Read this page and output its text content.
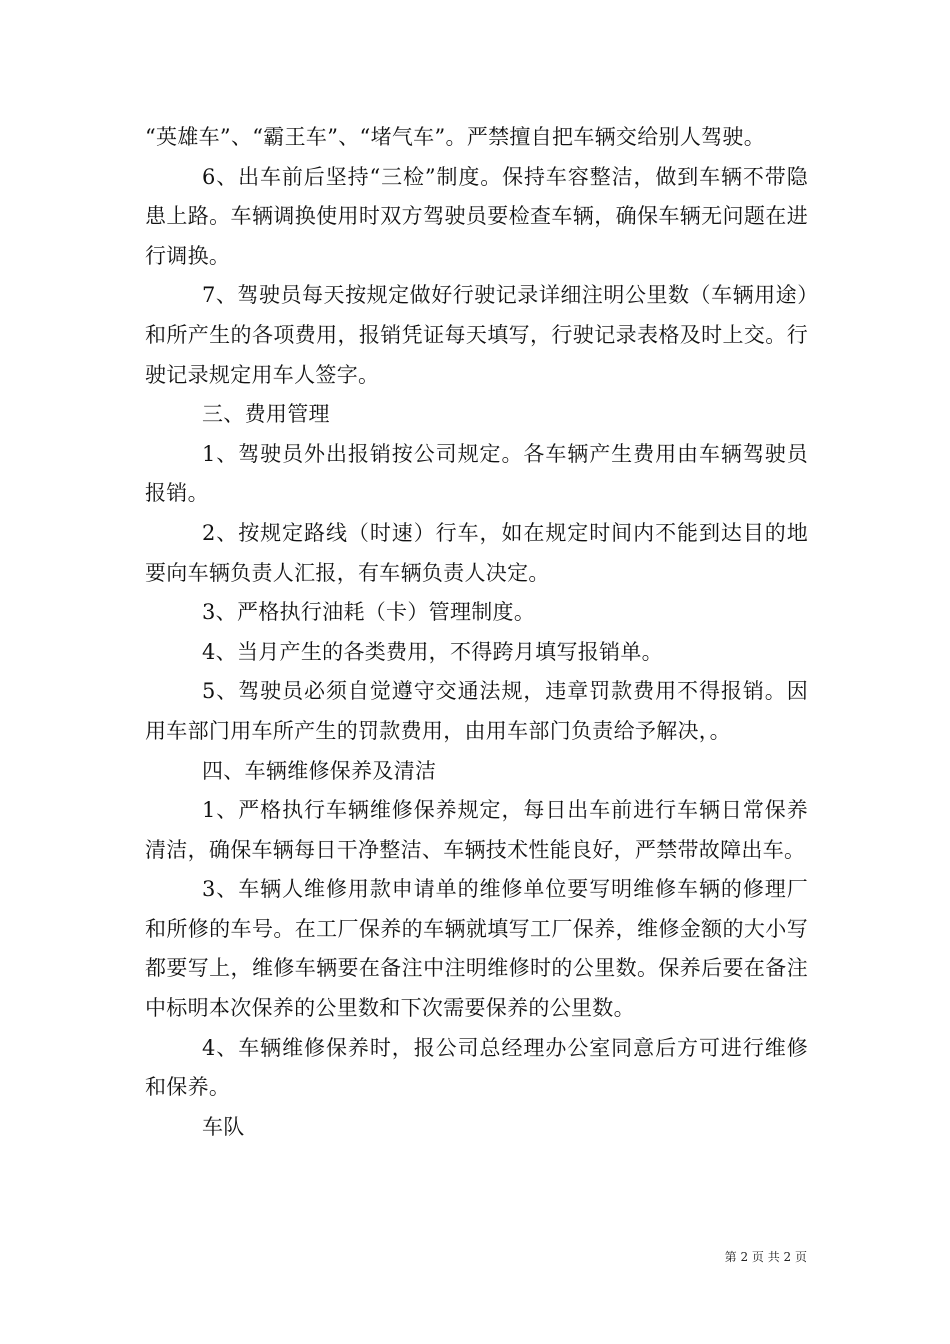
“英雄车”、“霸王车”、“堵气车”。严禁擅自把车辆交给别人驾驶。

6、出车前后坚持“三检”制度。保持车容整洁，做到车辆不带隐患上路。车辆调换使用时双方驾驶员要检查车辆，确保车辆无问题在进行调换。

7、驾驶员每天按规定做好行驶记录详细注明公里数（车辆用途）和所产生的各项费用，报销凭证每天填写，行驶记录表格及时上交。行驶记录规定用车人签字。

三、费用管理

1、驾驶员外出报销按公司规定。各车辆产生费用由车辆驾驶员报销。

2、按规定路线（时速）行车，如在规定时间内不能到达目的地要向车辆负责人汇报，有车辆负责人决定。

3、严格执行油耗（卡）管理制度。

4、当月产生的各类费用，不得跨月填写报销单。

5、驾驶员必须自觉遵守交通法规，违章罚款费用不得报销。因用车部门用车所产生的罚款费用，由用车部门负责给予解决，。

四、车辆维修保养及清洁

1、严格执行车辆维修保养规定，每日出车前进行车辆日常保养清洁，确保车辆每日干净整洁、车辆技术性能良好，严禁带故障出车。

3、车辆人维修用款申请单的维修单位要写明维修车辆的修理厂和所修的车号。在工厂保养的车辆就填写工厂保养，维修金额的大小写都要写上，维修车辆要在备注中注明维修时的公里数。保养后要在备注中标明本次保养的公里数和下次需要保养的公里数。

4、车辆维修保养时，报公司总经理办公室同意后方可进行维修和保养。

车队

第 2 页 共 2 页
